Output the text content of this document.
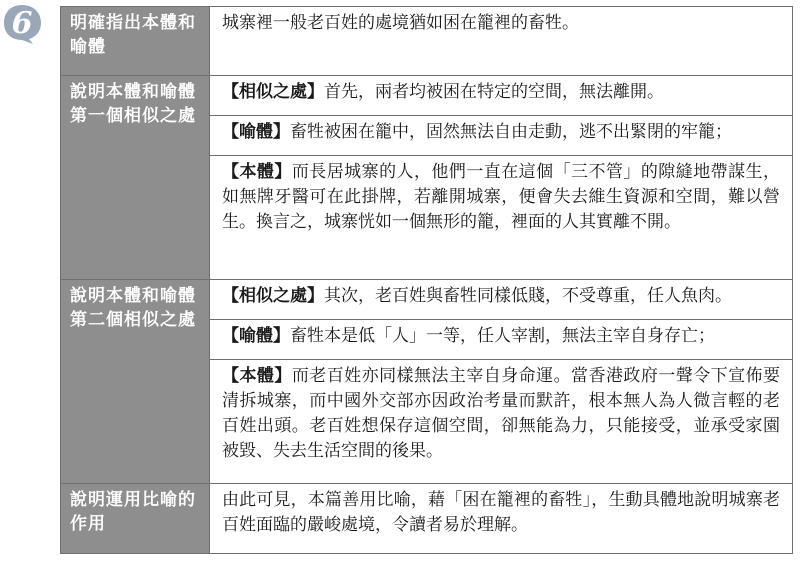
6	明確指出本體和喻體	城寨裡一般老百姓的處境猶如困在籠裡的畜牲。
說明本體和喻體第一個相似之處	【相似之處】首先，兩者均被困在特定的空間，無法離開。
	【喻體】畜牲被困在籠中，固然無法自由走動，逃不出緊閉的牢籠；
	【本體】而長居城寨的人，他們一直在這個「三不管」的隙縫地帶謀生，如無牌牙醫可在此掛牌，若離開城寨，便會失去維生資源和空間，難以營生。換言之，城寨恍如一個無形的籠，裡面的人其實離不開。
說明本體和喻體第二個相似之處	【相似之處】其次，老百姓與畜牲同樣低賤，不受尊重，任人魚肉。
	【喻體】畜牲本是低「人」一等，任人宰割，無法主宰自身存亡；
	【本體】而老百姓亦同樣無法主宰自身命運。當香港政府一聲令下宣佈要清拆城寨，而中國外交部亦因政治考量而默許，根本無人為人微言輕的老百姓出頭。老百姓想保存這個空間，卻無能為力，只能接受，並承受家園被毀、失去生活空間的後果。
說明運用比喻的作用	由此可見，本篇善用比喻，藉「困在籠裡的畜牲」，生動具體地說明城寨老百姓面臨的嚴峻處境，令讀者易於理解。
